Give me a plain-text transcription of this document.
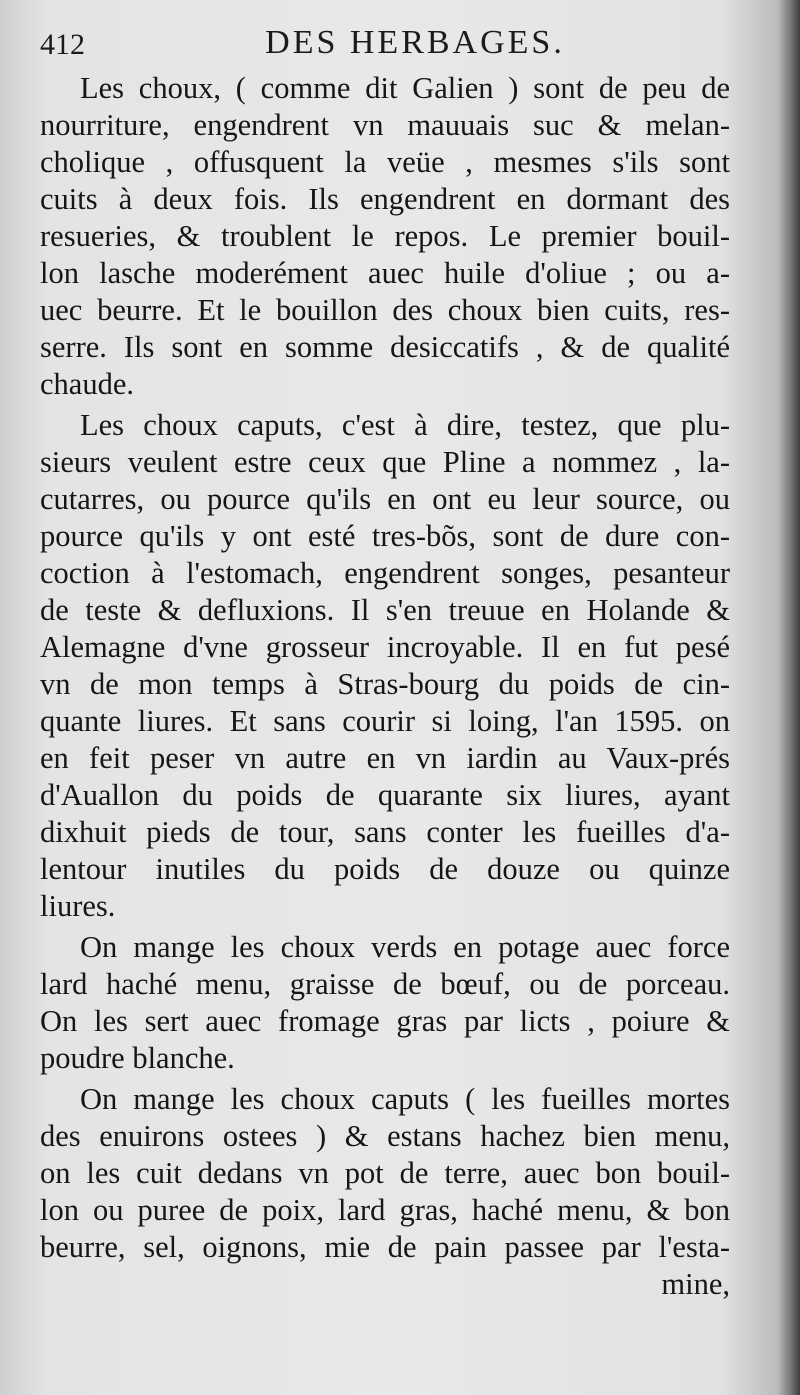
412	DES HERBAGES.
Les choux, ( comme dit Galien ) sont de peu de
nourriture, engendrent vn mauuais suc & melan-
cholique , offusquent la veüe , mesmes s'ils sont
cuits à deux fois. Ils engendrent en dormant des
resueries, & troublent le repos. Le premier bouil-
lon lasche moderément auec huile d'oliue ; ou a-
uec beurre. Et le bouillon des choux bien cuits, res-
serre. Ils sont en somme desiccatifs , & de qualité
chaude.
Les choux caputs, c'est à dire, testez, que plu-
sieurs veulent estre ceux que Pline a nommez , la-
cutarres, ou pource qu'ils en ont eu leur source, ou
pource qu'ils y ont esté tres-bõs, sont de dure con-
coction à l'estomach, engendrent songes, pesanteur
de teste & defluxions. Il s'en treuue en Holande &
Alemagne d'vne grosseur incroyable. Il en fut pesé
vn de mon temps à Stras-bourg du poids de cin-
quante liures. Et sans courir si loing, l'an 1595. on
en feit peser vn autre en vn iardin au Vaux-prés
d'Auallon du poids de quarante six liures, ayant
dixhuit pieds de tour, sans conter les fueilles d'a-
lentour inutiles du poids de douze ou quinze
liures.
On mange les choux verds en potage auec force
lard haché menu, graisse de bœuf, ou de porceau.
On les sert auec fromage gras par licts , poiure &
poudre blanche.
On mange les choux caputs ( les fueilles mortes
des enuirons ostees ) & estans hachez bien menu,
on les cuit dedans vn pot de terre, auec bon bouil-
lon ou puree de poix, lard gras, haché menu, & bon
beurre, sel, oignons, mie de pain passee par l'esta-
mine,
